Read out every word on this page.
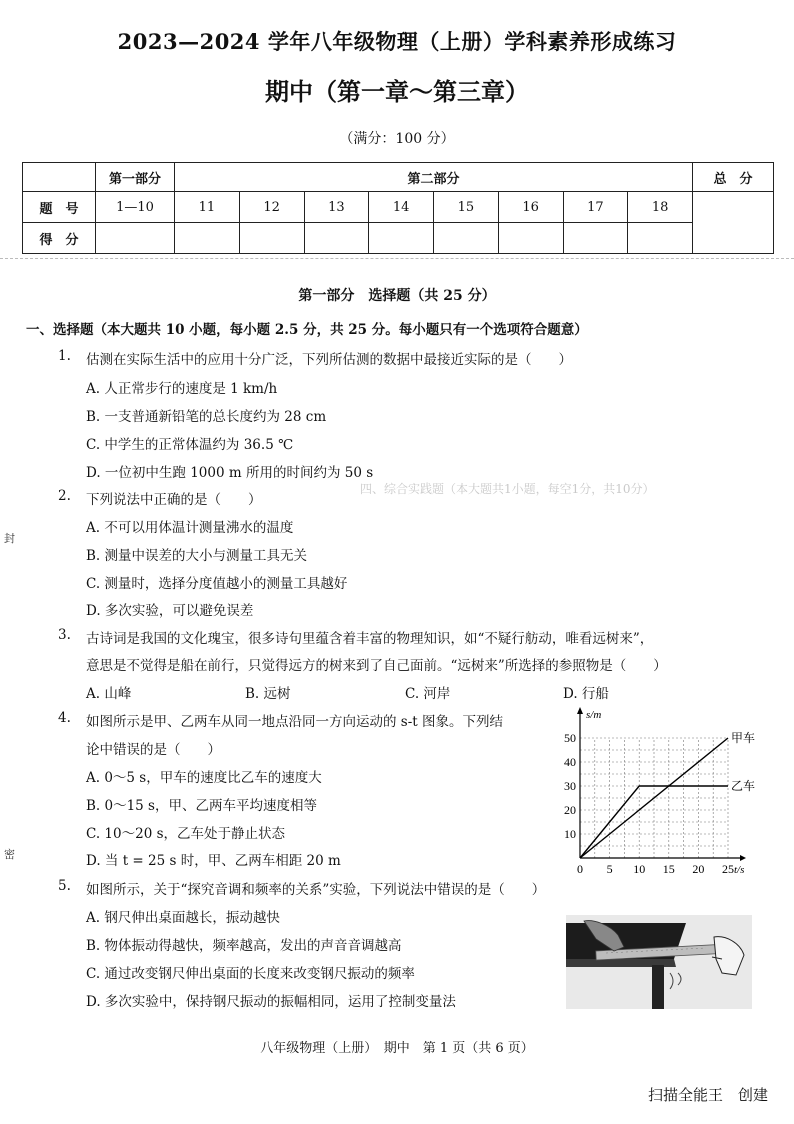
2023—2024 学年八年级物理（上册）学科素养形成练习
期中（第一章～第三章）
（满分：100 分）
	第一部分	第二部分								总　分
题　号	1—10	11	12	13	14	15	16	17	18	
得　分										
第一部分　选择题（共 25 分）
一、选择题（本大题共 10 小题，每小题 2.5 分，共 25 分。每小题只有一个选项符合题意）
1. 估测在实际生活中的应用十分广泛，下列所估测的数据中最接近实际的是（　　）
A. 人正常步行的速度是 1 km/h
B. 一支普通新铅笔的总长度约为 28 cm
C. 中学生的正常体温约为 36.5 ℃
D. 一位初中生跑 1000 m 所用的时间约为 50 s
2. 下列说法中正确的是（　　）
A. 不可以用体温计测量沸水的温度
B. 测量中误差的大小与测量工具无关
C. 测量时，选择分度值越小的测量工具越好
D. 多次实验，可以避免误差
3. 古诗词是我国的文化瑰宝，很多诗句里蕴含着丰富的物理知识，如“不疑行舫动，唯看远树来”，
意思是不觉得是船在前行，只觉得远方的树来到了自己面前。“远树来”所选择的参照物是（　　）
A. 山峰	B. 远树	C. 河岸	D. 行船
4. 如图所示是甲、乙两车从同一地点沿同一方向运动的 s-t 图象。下列结
论中错误的是（　　）
A. 0～5 s，甲车的速度比乙车的速度大
B. 0～15 s，甲、乙两车平均速度相等
C. 10～20 s，乙车处于静止状态
D. 当 t = 25 s 时，甲、乙两车相距 20 m	0 5 10 15 20 25
10
20
30
40
50
s/m
t/s
甲车
乙车
5. 如图所示，关于“探究音调和频率的关系”实验，下列说法中错误的是（　　）
A. 钢尺伸出桌面越长，振动越快
B. 物体振动得越快，频率越高，发出的声音音调越高
C. 通过改变钢尺伸出桌面的长度来改变钢尺振动的频率
D. 多次实验中，保持钢尺振动的振幅相同，运用了控制变量法
四、综合实践题（本大题共1小题，每空1分，共10分）
封
密
八年级物理（上册）　期中　第 1 页（共 6 页）
扫描全能王　创建
